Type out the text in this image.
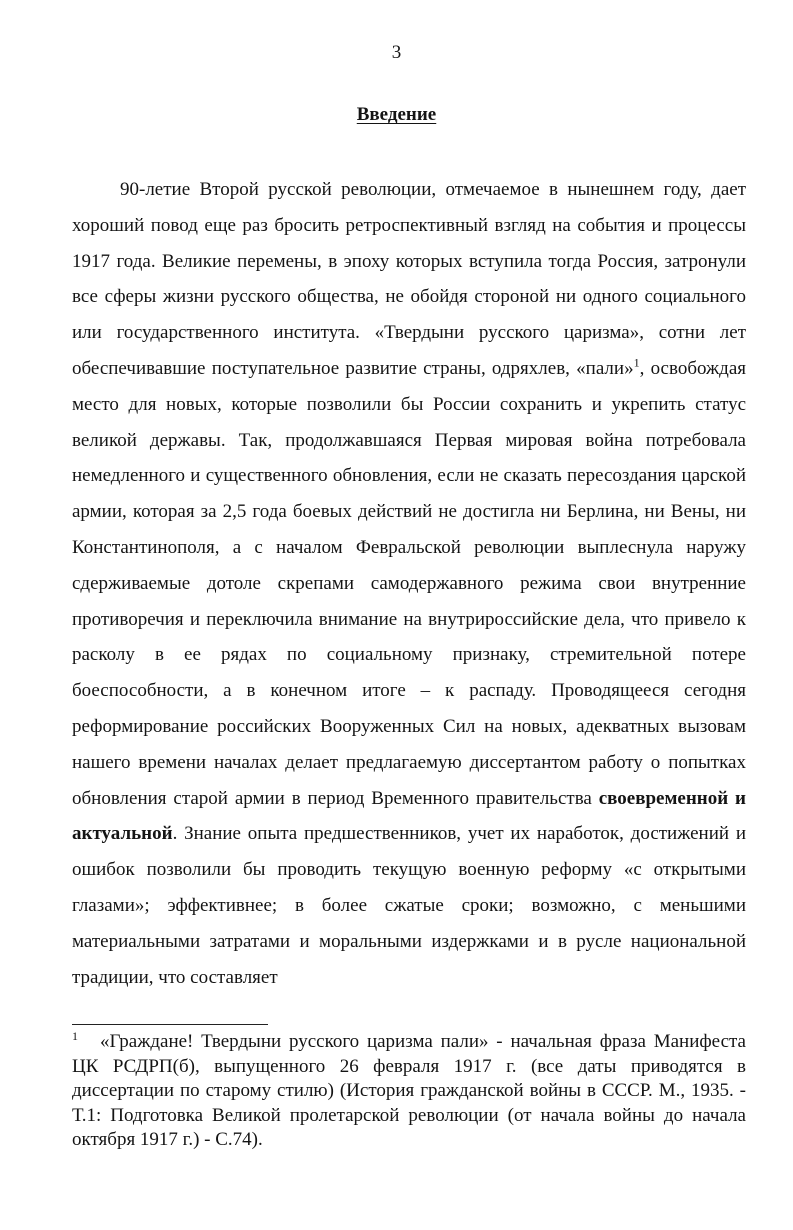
3
Введение

90-летие Второй русской революции, отмечаемое в нынешнем году, дает хороший повод еще раз бросить ретроспективный взгляд на события и процессы 1917 года. Великие перемены, в эпоху которых вступила тогда Россия, затронули все сферы жизни русского общества, не обойдя стороной ни одного социального или государственного института. «Твердыни русского царизма», сотни лет обеспечивавшие поступательное развитие страны, одряхлев, «пали»$^1$, освобождая место для новых, которые позволили бы России сохранить и укрепить статус великой державы. Так, продолжавшаяся Первая мировая война потребовала немедленного и существенного обновления, если не сказать пересоздания царской армии, которая за 2,5 года боевых действий не достигла ни Берлина, ни Вены, ни Константинополя, а с началом Февральской революции выплеснула наружу сдерживаемые дотоле скрепами самодержавного режима свои внутренние противоречия и переключила внимание на внутрироссийские дела, что привело к расколу в ее рядах по социальному признаку, стремительной потере боеспособности, а в конечном итоге – к распаду. Проводящееся сегодня реформирование российских Вооруженных Сил на новых, адекватных вызовам нашего времени началах делает предлагаемую диссертантом работу о попытках обновления старой армии в период Временного правительства своевременной и актуальной. Знание опыта предшественников, учет их наработок, достижений и ошибок позволили бы проводить текущую военную реформу «с открытыми глазами»; эффективнее; в более сжатые сроки; возможно, с меньшими материальными затратами и моральными издержками и в русле национальной традиции, что составляет

$^1$ «Граждане! Твердыни русского царизма пали» - начальная фраза Манифеста ЦК РСДРП(б), выпущенного 26 февраля 1917 г. (все даты приводятся в диссертации по старому стилю) (История гражданской войны в СССР. М., 1935. - Т.1: Подготовка Великой пролетарской революции (от начала войны до начала октября 1917 г.) - С.74).
